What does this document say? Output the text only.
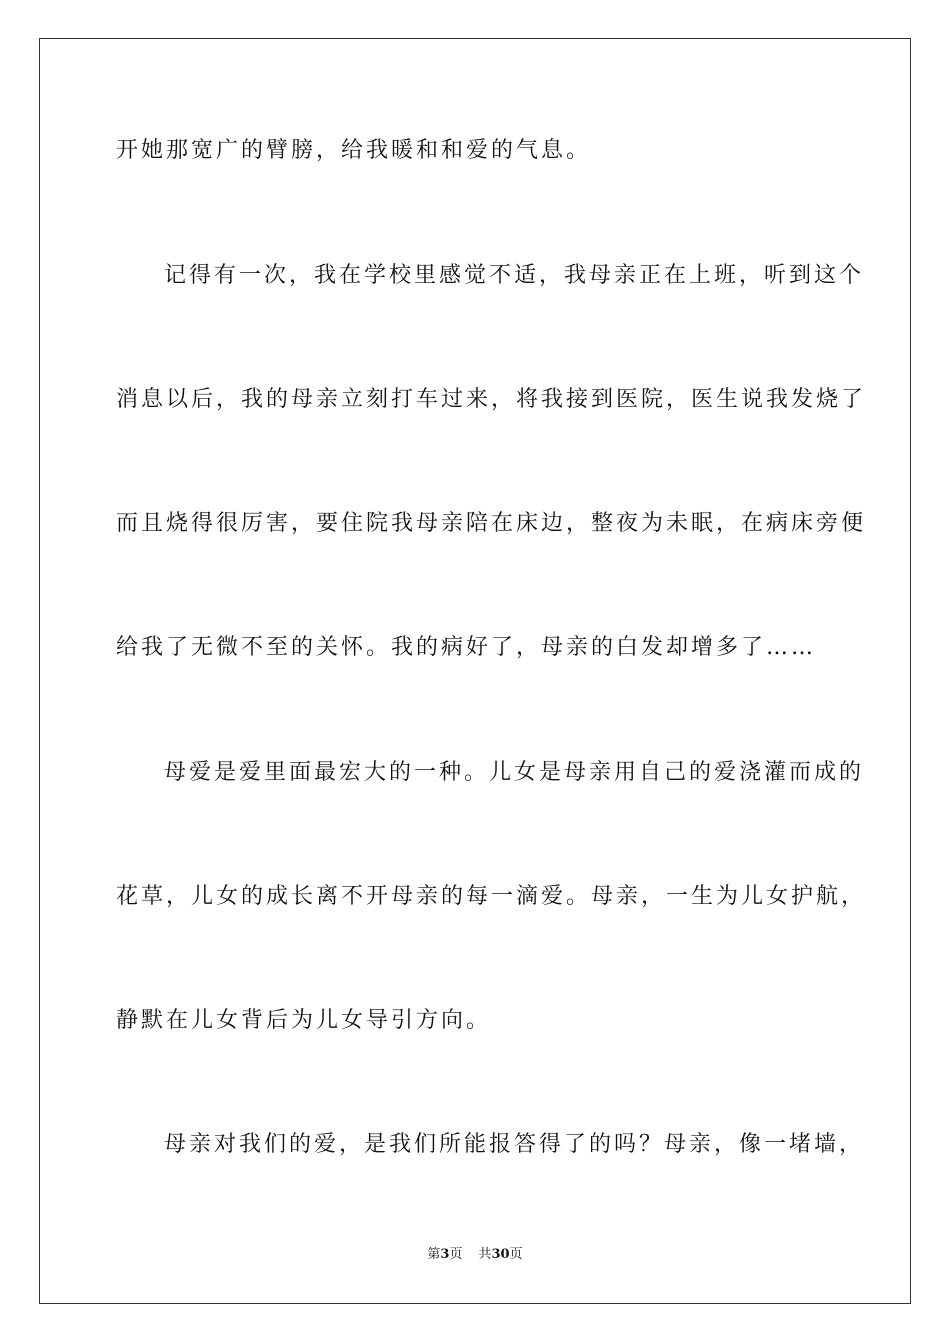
开她那宽广的臂膀，给我暖和和爱的气息。
记得有一次，我在学校里感觉不适，我母亲正在上班，听到这个
消息以后，我的母亲立刻打车过来，将我接到医院，医生说我发烧了
而且烧得很厉害，要住院我母亲陪在床边，整夜为未眠，在病床旁便
给我了无微不至的关怀。我的病好了，母亲的白发却增多了……
母爱是爱里面最宏大的一种。儿女是母亲用自己的爱浇灌而成的
花草，儿女的成长离不开母亲的每一滴爱。母亲，一生为儿女护航，
静默在儿女背后为儿女导引方向。
母亲对我们的爱，是我们所能报答得了的吗？母亲，像一堵墙，
第3页 共30页
